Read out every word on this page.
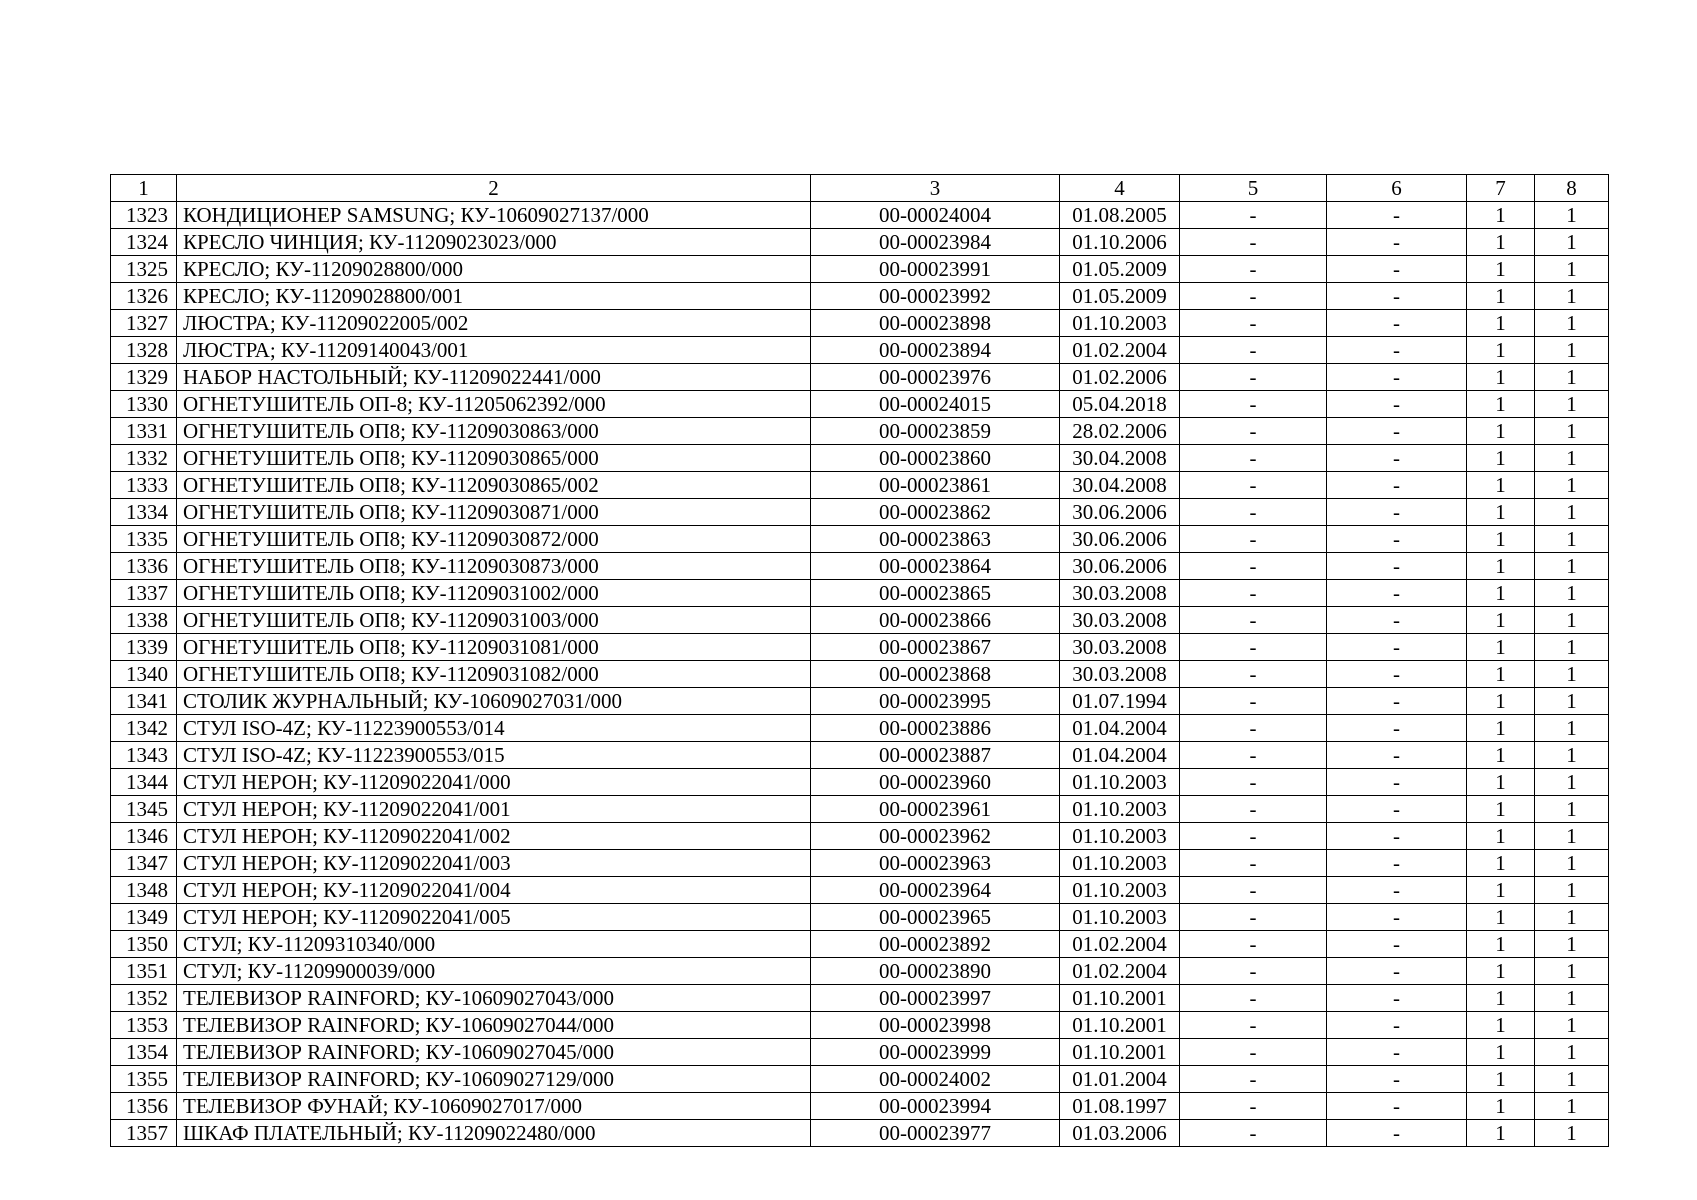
1	2	3	4	5	6	7	8
1323	КОНДИЦИОНЕР SAMSUNG; КУ-10609027137/000	00-00024004	01.08.2005	-	-	1	1
1324	КРЕСЛО ЧИНЦИЯ; КУ-11209023023/000	00-00023984	01.10.2006	-	-	1	1
1325	КРЕСЛО; КУ-11209028800/000	00-00023991	01.05.2009	-	-	1	1
1326	КРЕСЛО; КУ-11209028800/001	00-00023992	01.05.2009	-	-	1	1
1327	ЛЮСТРА; КУ-11209022005/002	00-00023898	01.10.2003	-	-	1	1
1328	ЛЮСТРА; КУ-11209140043/001	00-00023894	01.02.2004	-	-	1	1
1329	НАБОР НАСТОЛЬНЫЙ; КУ-11209022441/000	00-00023976	01.02.2006	-	-	1	1
1330	ОГНЕТУШИТЕЛЬ ОП-8; КУ-11205062392/000	00-00024015	05.04.2018	-	-	1	1
1331	ОГНЕТУШИТЕЛЬ ОП8; КУ-11209030863/000	00-00023859	28.02.2006	-	-	1	1
1332	ОГНЕТУШИТЕЛЬ ОП8; КУ-11209030865/000	00-00023860	30.04.2008	-	-	1	1
1333	ОГНЕТУШИТЕЛЬ ОП8; КУ-11209030865/002	00-00023861	30.04.2008	-	-	1	1
1334	ОГНЕТУШИТЕЛЬ ОП8; КУ-11209030871/000	00-00023862	30.06.2006	-	-	1	1
1335	ОГНЕТУШИТЕЛЬ ОП8; КУ-11209030872/000	00-00023863	30.06.2006	-	-	1	1
1336	ОГНЕТУШИТЕЛЬ ОП8; КУ-11209030873/000	00-00023864	30.06.2006	-	-	1	1
1337	ОГНЕТУШИТЕЛЬ ОП8; КУ-11209031002/000	00-00023865	30.03.2008	-	-	1	1
1338	ОГНЕТУШИТЕЛЬ ОП8; КУ-11209031003/000	00-00023866	30.03.2008	-	-	1	1
1339	ОГНЕТУШИТЕЛЬ ОП8; КУ-11209031081/000	00-00023867	30.03.2008	-	-	1	1
1340	ОГНЕТУШИТЕЛЬ ОП8; КУ-11209031082/000	00-00023868	30.03.2008	-	-	1	1
1341	СТОЛИК ЖУРНАЛЬНЫЙ; КУ-10609027031/000	00-00023995	01.07.1994	-	-	1	1
1342	СТУЛ ISO-4Z; КУ-11223900553/014	00-00023886	01.04.2004	-	-	1	1
1343	СТУЛ ISO-4Z; КУ-11223900553/015	00-00023887	01.04.2004	-	-	1	1
1344	СТУЛ НЕРОН; КУ-11209022041/000	00-00023960	01.10.2003	-	-	1	1
1345	СТУЛ НЕРОН; КУ-11209022041/001	00-00023961	01.10.2003	-	-	1	1
1346	СТУЛ НЕРОН; КУ-11209022041/002	00-00023962	01.10.2003	-	-	1	1
1347	СТУЛ НЕРОН; КУ-11209022041/003	00-00023963	01.10.2003	-	-	1	1
1348	СТУЛ НЕРОН; КУ-11209022041/004	00-00023964	01.10.2003	-	-	1	1
1349	СТУЛ НЕРОН; КУ-11209022041/005	00-00023965	01.10.2003	-	-	1	1
1350	СТУЛ; КУ-11209310340/000	00-00023892	01.02.2004	-	-	1	1
1351	СТУЛ; КУ-11209900039/000	00-00023890	01.02.2004	-	-	1	1
1352	ТЕЛЕВИЗОР RAINFORD; КУ-10609027043/000	00-00023997	01.10.2001	-	-	1	1
1353	ТЕЛЕВИЗОР RAINFORD; КУ-10609027044/000	00-00023998	01.10.2001	-	-	1	1
1354	ТЕЛЕВИЗОР RAINFORD; КУ-10609027045/000	00-00023999	01.10.2001	-	-	1	1
1355	ТЕЛЕВИЗОР RAINFORD; КУ-10609027129/000	00-00024002	01.01.2004	-	-	1	1
1356	ТЕЛЕВИЗОР ФУНАЙ; КУ-10609027017/000	00-00023994	01.08.1997	-	-	1	1
1357	ШКАФ ПЛАТЕЛЬНЫЙ; КУ-11209022480/000	00-00023977	01.03.2006	-	-	1	1
